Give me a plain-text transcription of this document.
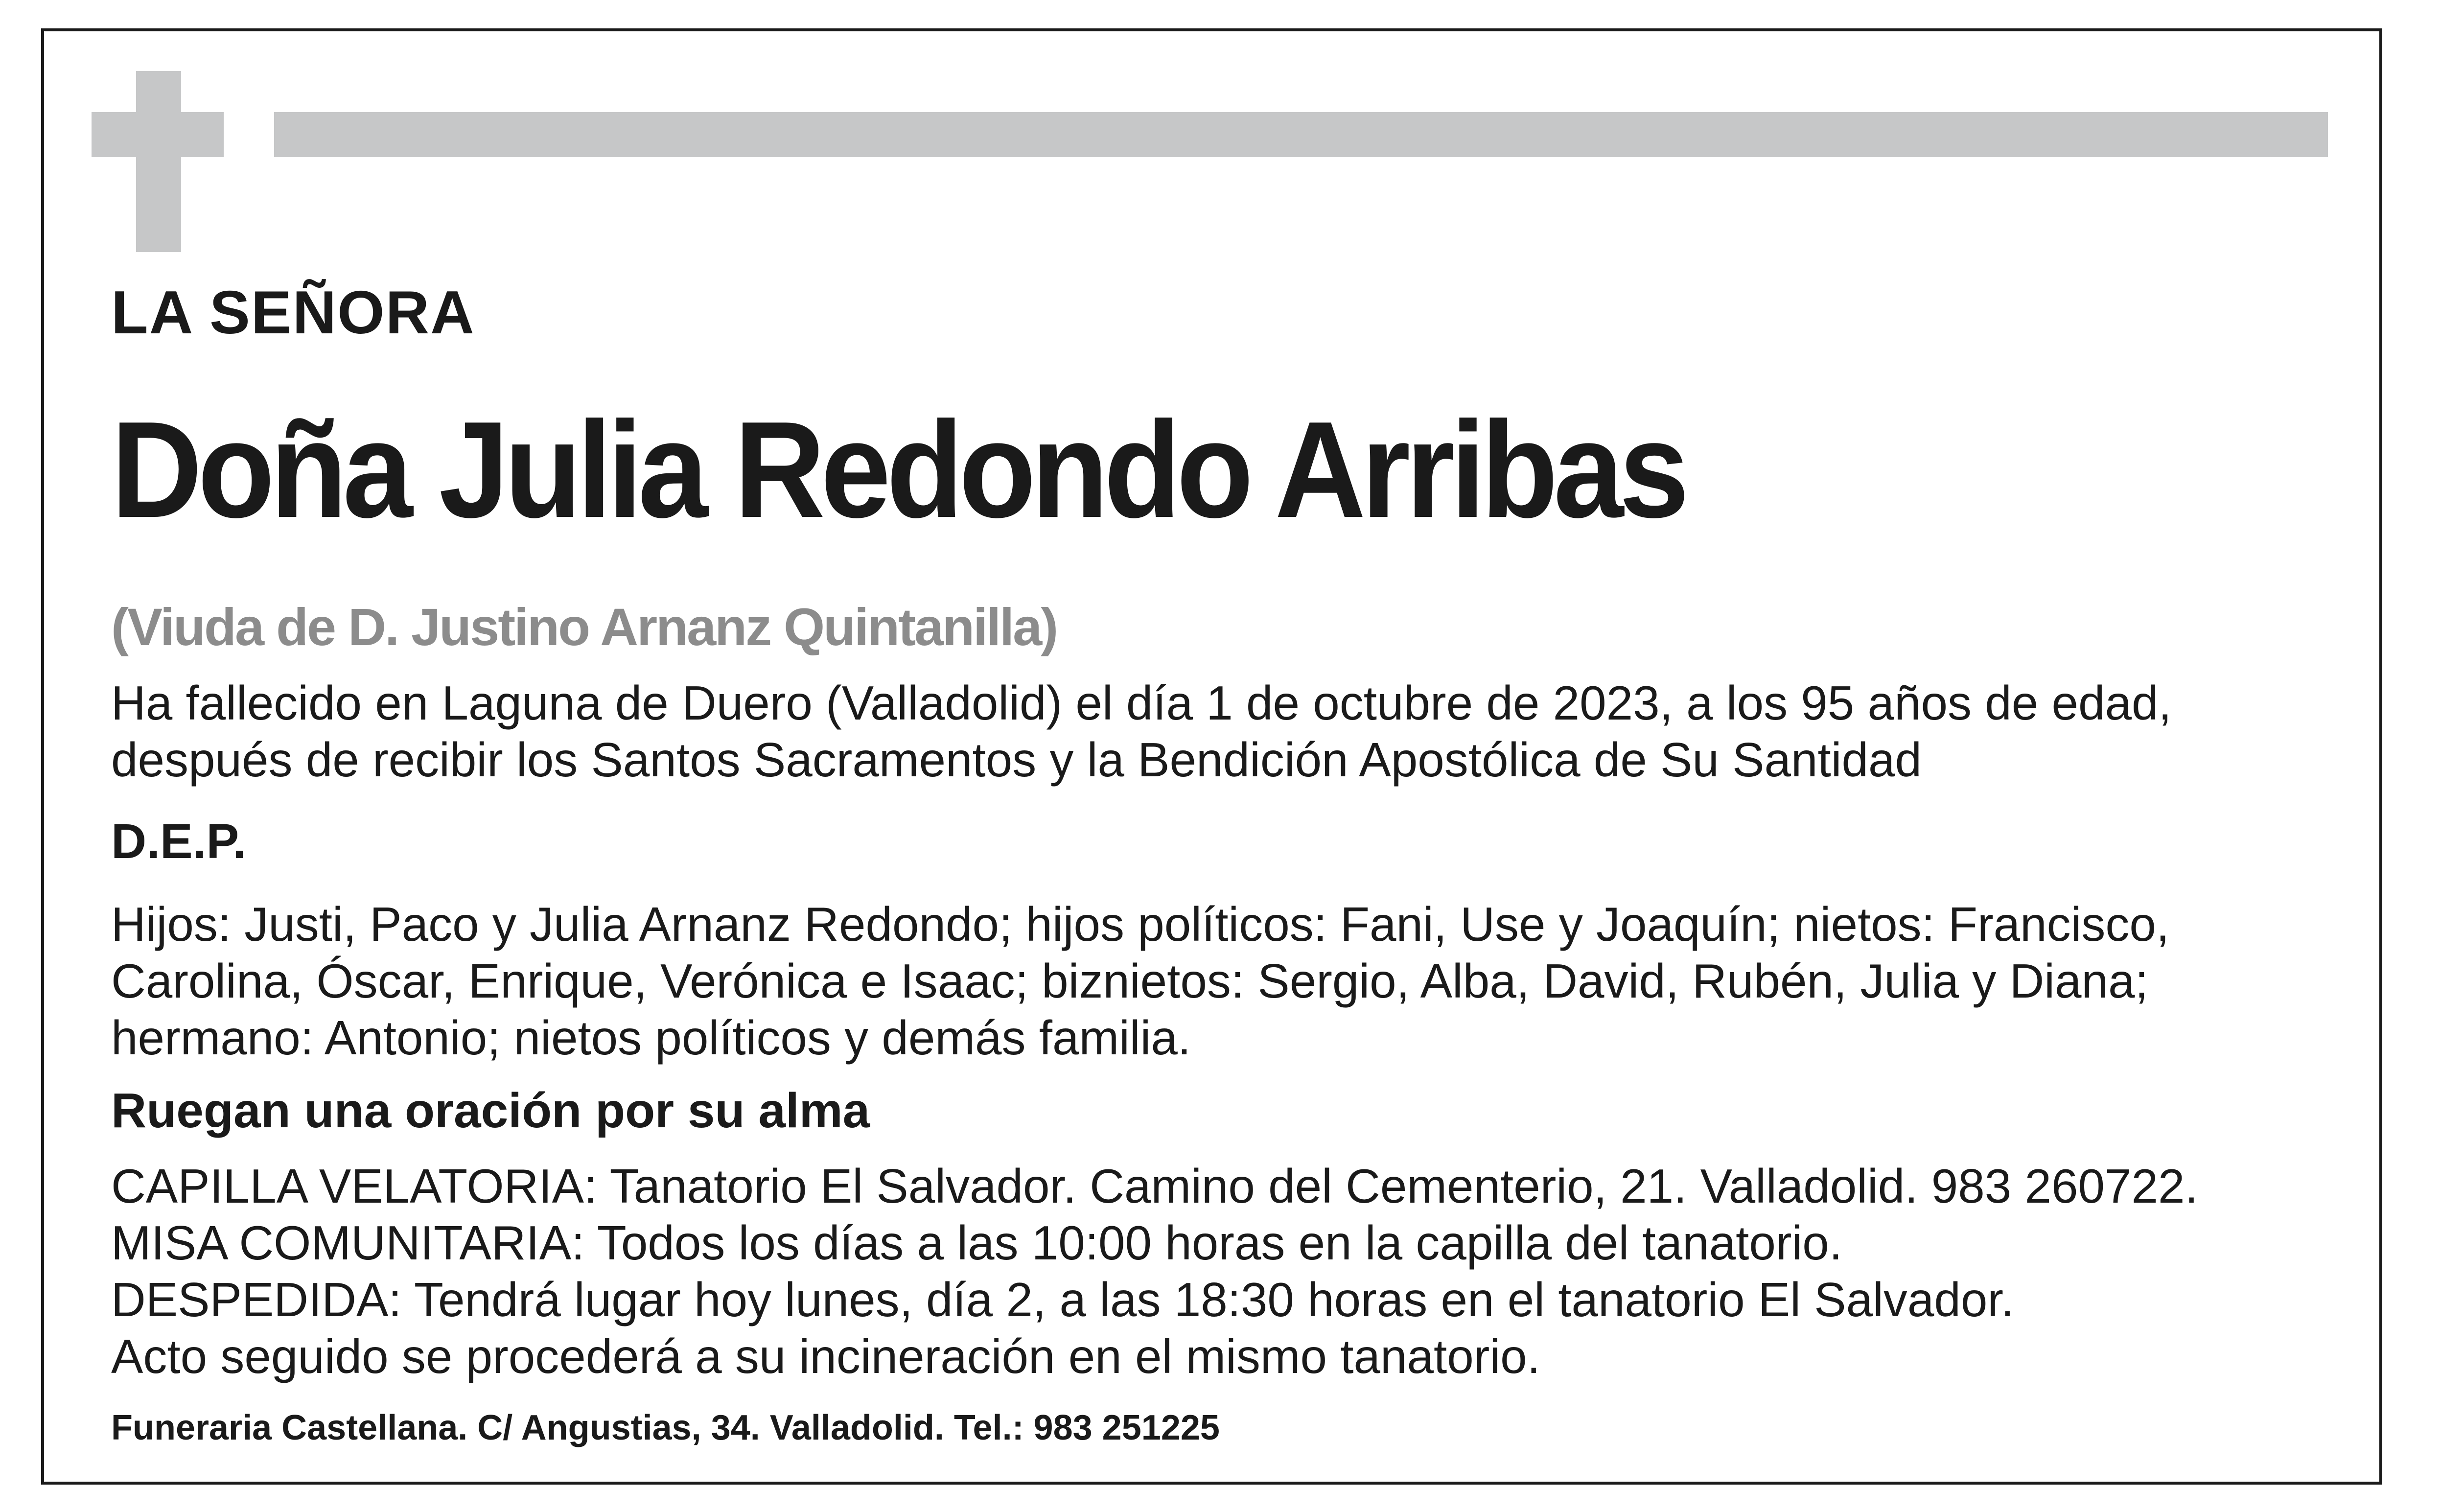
LA SEÑORA
Doña Julia Redondo Arribas
(Viuda de D. Justino Arnanz Quintanilla)
Ha fallecido en Laguna de Duero (Valladolid) el día 1 de octubre de 2023, a los 95 años de edad,
después de recibir los Santos Sacramentos y la Bendición Apostólica de Su Santidad
D.E.P.
Hijos: Justi, Paco y Julia Arnanz Redondo; hijos políticos: Fani, Use y Joaquín; nietos: Francisco,
Carolina, Óscar, Enrique, Verónica e Isaac; biznietos: Sergio, Alba, David, Rubén, Julia y Diana;
hermano: Antonio; nietos políticos y demás familia.
Ruegan una oración por su alma
CAPILLA VELATORIA: Tanatorio El Salvador. Camino del Cementerio, 21. Valladolid. 983 260722.
MISA COMUNITARIA: Todos los días a las 10:00 horas en la capilla del tanatorio.
DESPEDIDA: Tendrá lugar hoy lunes, día 2, a las 18:30 horas en el tanatorio El Salvador.
Acto seguido se procederá a su incineración en el mismo tanatorio.
Funeraria Castellana. C/ Angustias, 34. Valladolid. Tel.: 983 251225
